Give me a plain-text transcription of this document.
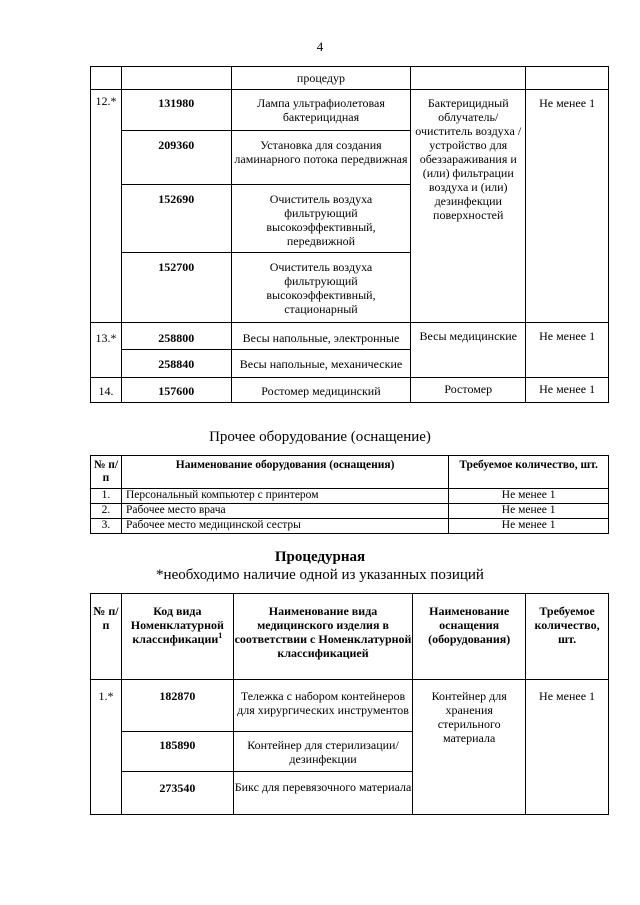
4
		процедур		
12.*	131980	Лампа ультрафиолетовая бактерицидная	Бактерицидный облучатель/ очиститель воздуха /устройство для обеззараживания и (или) фильтрации воздуха и (или) дезинфекции поверхностей	Не менее 1
	209360	Установка для создания ламинарного потока передвижная		
	152690	Очиститель воздуха фильтрующий высокоэффективный, передвижной		
	152700	Очиститель воздуха фильтрующий высокоэффективный, стационарный		
13.*	258800	Весы напольные, электронные	Весы медицинские	Не менее 1
	258840	Весы напольные, механические		
14.	157600	Ростомер медицинский	Ростомер	Не менее 1
Прочее оборудование (оснащение)
№ п/п	Наименование оборудования (оснащения)	Требуемое количество, шт.
1.	Персональный компьютер с принтером	Не менее 1
2.	Рабочее место врача	Не менее 1
3.	Рабочее место медицинской сестры	Не менее 1
Процедурная
*необходимо наличие одной из указанных позиций
№ п/п	Код вида Номенклатурной классификации$^1$	Наименование вида медицинского изделия в соответствии с Номенклатурной классификацией	Наименование оснащения (оборудования)	Требуемое количество, шт.
1.*	182870	Тележка с набором контейнеров для хирургических инструментов	Контейнер для хранения стерильного материала	Не менее 1
	185890	Контейнер для стерилизации/дезинфекции		
	273540	Бикс для перевязочного материала		
